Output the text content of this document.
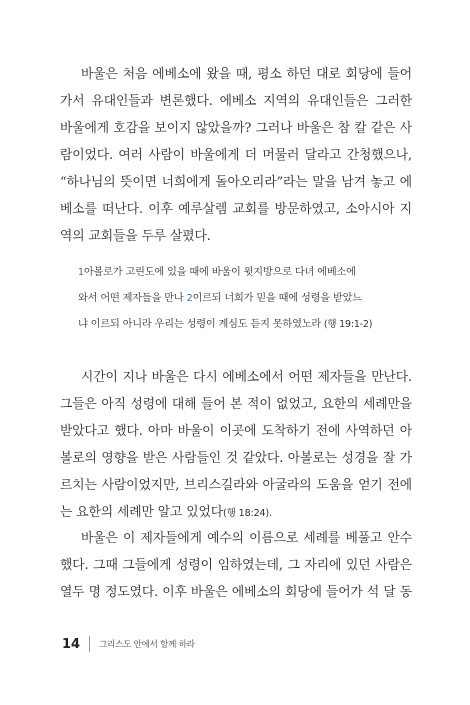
바울은 처음 에베소에 왔을 때, 평소 하던 대로 회당에 들어
가서 유대인들과 변론했다. 에베소 지역의 유대인들은 그러한
바울에게 호감을 보이지 않았을까? 그러나 바울은 참 칼 같은 사
람이었다. 여러 사람이 바울에게 더 머물러 달라고 간청했으나,
“하나님의 뜻이면 너희에게 돌아오리라”라는 말을 남겨 놓고 에
베소를 떠난다. 이후 예루살렘 교회를 방문하였고, 소아시아 지
역의 교회들을 두루 살폈다.

1아볼로가 고린도에 있을 때에 바울이 윗지방으로 다녀 에베소에
와서 어떤 제자들을 만나 2이르되 너희가 믿을 때에 성령을 받았느
냐 이르되 아니라 우리는 성령이 계심도 듣지 못하였노라 (행 19:1-2)

시간이 지나 바울은 다시 에베소에서 어떤 제자들을 만난다.
그들은 아직 성령에 대해 들어 본 적이 없었고, 요한의 세례만을
받았다고 했다. 아마 바울이 이곳에 도착하기 전에 사역하던 아
볼로의 영향을 받은 사람들인 것 같았다. 아볼로는 성경을 잘 가
르치는 사람이었지만, 브리스길라와 아굴라의 도움을 얻기 전에
는 요한의 세례만 알고 있었다(행 18:24).

바울은 이 제자들에게 예수의 이름으로 세례를 베풀고 안수
했다. 그때 그들에게 성령이 임하였는데, 그 자리에 있던 사람은
열두 명 정도였다. 이후 바울은 에베소의 회당에 들어가 석 달 동

14 그리스도 안에서 함께 하라
